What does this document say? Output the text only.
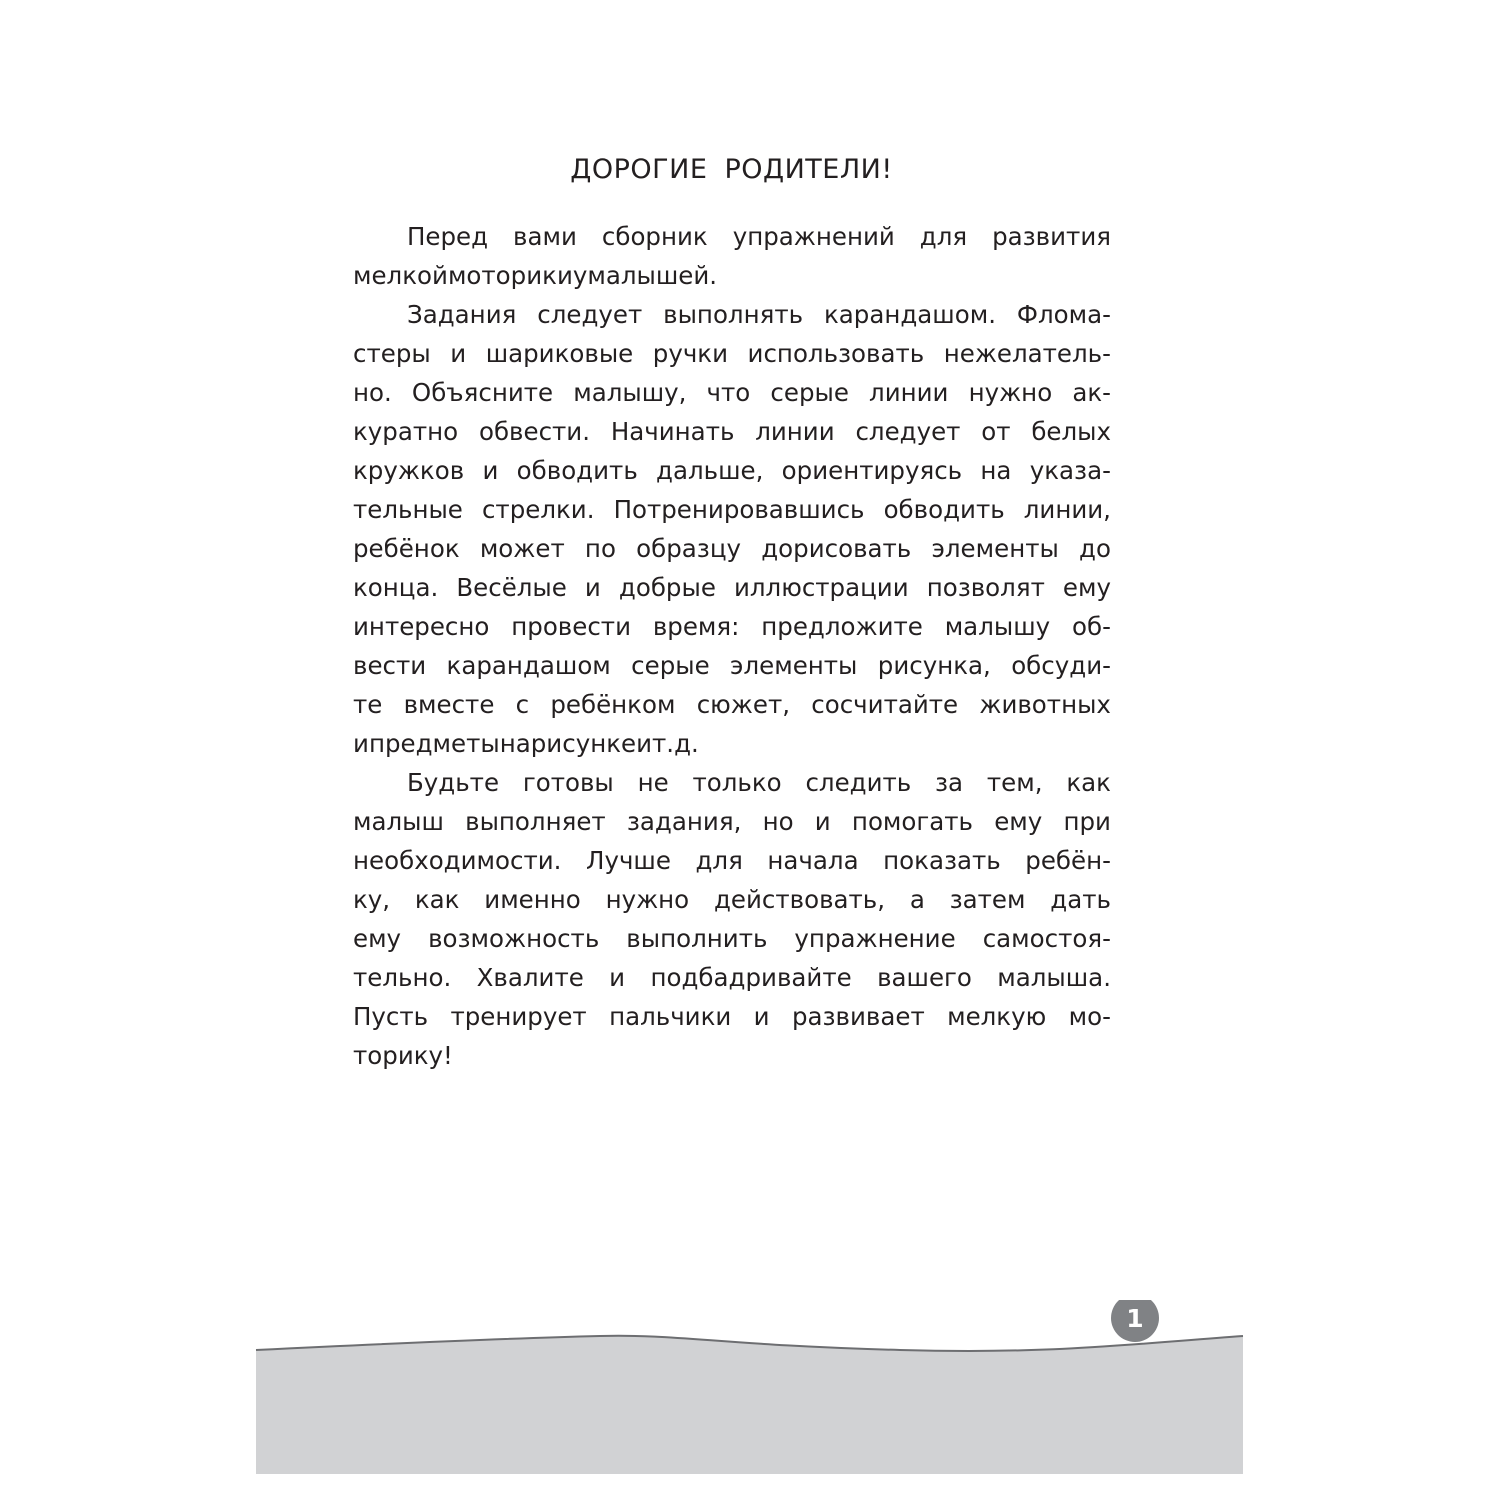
ДОРОГИЕ РОДИТЕЛИ!
Перед вами сборник упражнений для развития
мелкой моторики у малышей.
Задания следует выполнять карандашом. Флома-
стеры и шариковые ручки использовать нежелатель-
но. Объясните малышу, что серые линии нужно ак-
куратно обвести. Начинать линии следует от белых
кружков и обводить дальше, ориентируясь на указа-
тельные стрелки. Потренировавшись обводить линии,
ребёнок может по образцу дорисовать элементы до
конца. Весёлые и добрые иллюстрации позволят ему
интересно провести время: предложите малышу об-
вести карандашом серые элементы рисунка, обсуди-
те вместе с ребёнком сюжет, сосчитайте животных
и предметы на рисунке и т. д.
Будьте готовы не только следить за тем, как
малыш выполняет задания, но и помогать ему при
необходимости. Лучше для начала показать ребён-
ку, как именно нужно действовать, а затем дать
ему возможность выполнить упражнение самостоя-
тельно. Хвалите и подбадривайте вашего малыша.
Пусть тренирует пальчики и развивает мелкую мо-
торику!
1
